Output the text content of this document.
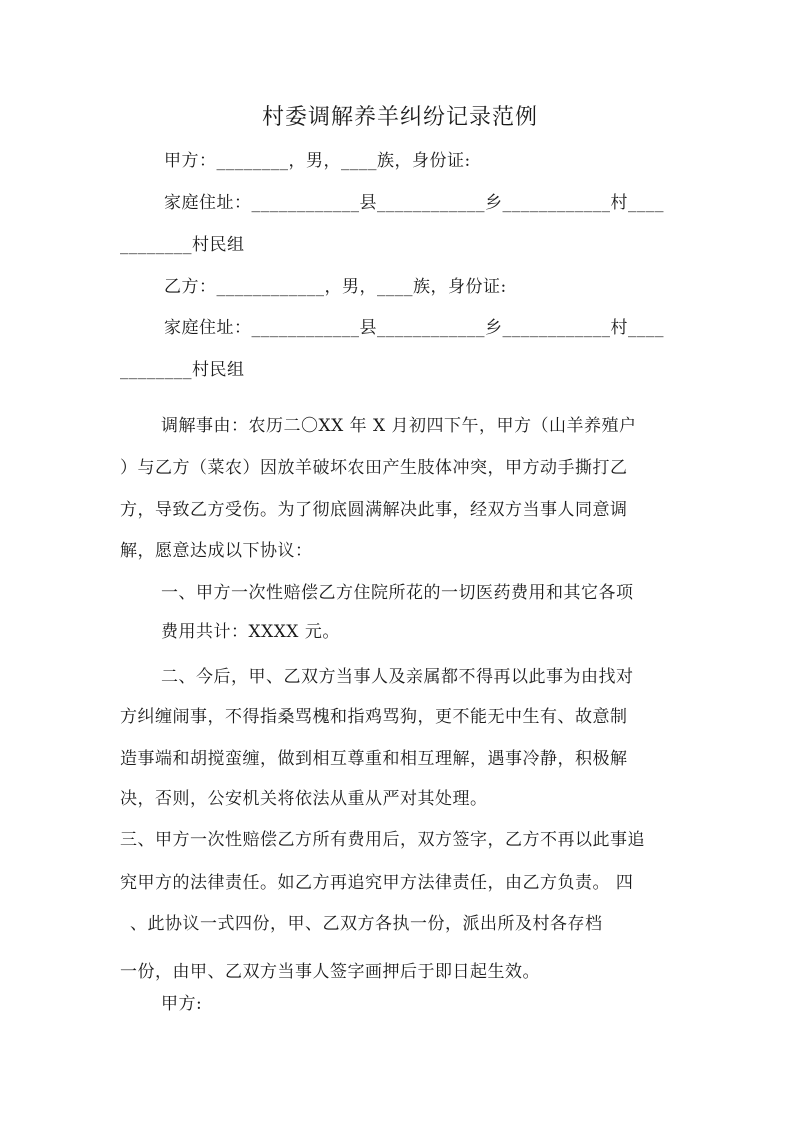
村委调解养羊纠纷记录范例
甲方：________，男，____族，身份证:
家庭住址：____________县____________乡____________村____
________村民组
乙方：____________，男，____族，身份证:
家庭住址：____________县____________乡____________村____
________村民组
调解事由：农历二〇XX 年 X 月初四下午，甲方（山羊养殖户
）与乙方（菜农）因放羊破坏农田产生肢体冲突，甲方动手撕打乙
方，导致乙方受伤。为了彻底圆满解决此事，经双方当事人同意调
解，愿意达成以下协议：
一、甲方一次性赔偿乙方住院所花的一切医药费用和其它各项
费用共计：XXXX 元。
二、今后，甲、乙双方当事人及亲属都不得再以此事为由找对
方纠缠闹事，不得指桑骂槐和指鸡骂狗，更不能无中生有、故意制
造事端和胡搅蛮缠，做到相互尊重和相互理解，遇事冷静，积极解
决，否则，公安机关将依法从重从严对其处理。
三、甲方一次性赔偿乙方所有费用后，双方签字，乙方不再以此事追
究甲方的法律责任。如乙方再追究甲方法律责任，由乙方负责。 四
、此协议一式四份，甲、乙双方各执一份，派出所及村各存档
一份，由甲、乙双方当事人签字画押后于即日起生效。
甲方:
